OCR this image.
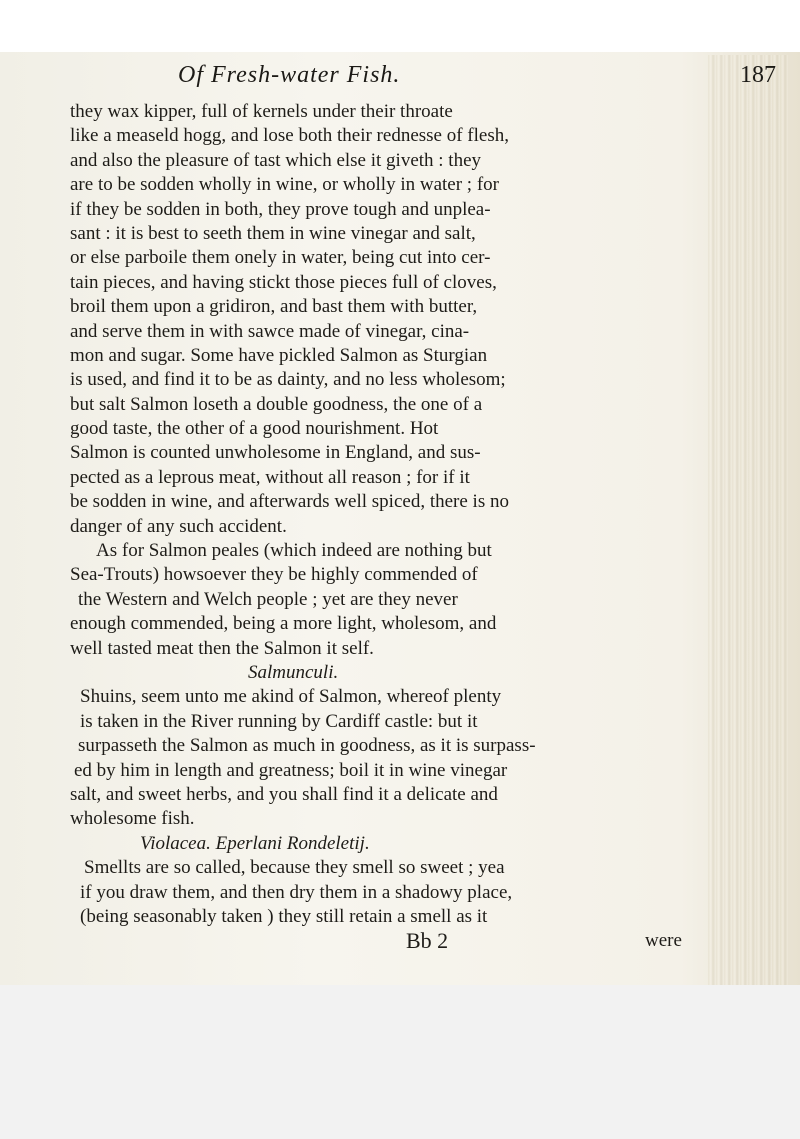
Of Fresh-water Fish.	187
they wax kipper, full of kernels under their throate
like a measeld hogg, and lose both their rednesse of flesh,
and also the pleasure of tast which else it giveth : they
are to be sodden wholly in wine, or wholly in water ; for
if they be sodden in both, they prove tough and unplea-
sant : it is best to seeth them in wine vinegar and salt,
or else parboile them onely in water, being cut into cer-
tain pieces, and having stickt those pieces full of cloves,
broil them upon a gridiron, and bast them with butter,
and serve them in with sawce made of vinegar, cina-
mon and sugar. Some have pickled Salmon as Sturgian
is used, and find it to be as dainty, and no less wholesom;
but salt Salmon loseth a double goodness, the one of a
good taste, the other of a good nourishment. Hot
Salmon is counted unwholesome in England, and sus-
pected as a leprous meat, without all reason ; for if it
be sodden in wine, and afterwards well spiced, there is no
danger of any such accident.
As for Salmon peales (which indeed are nothing but
Sea-Trouts) howsoever they be highly commended of
the Western and Welch people ; yet are they never
enough commended, being a more light, wholesom, and
well tasted meat then the Salmon it self.
Salmunculi.
Shuins, seem unto me akind of Salmon, whereof plenty
is taken in the River running by Cardiff castle: but it
surpasseth the Salmon as much in goodness, as it is surpass-
ed by him in length and greatness; boil it in wine vinegar
salt, and sweet herbs, and you shall find it a delicate and
wholesome fish.
Violacea. Eperlani Rondeletij.
Smellts are so called, because they smell so sweet ; yea
if you draw them, and then dry them in a shadowy place,
(being seasonably taken ) they still retain a smell as it
Bb 2	were
